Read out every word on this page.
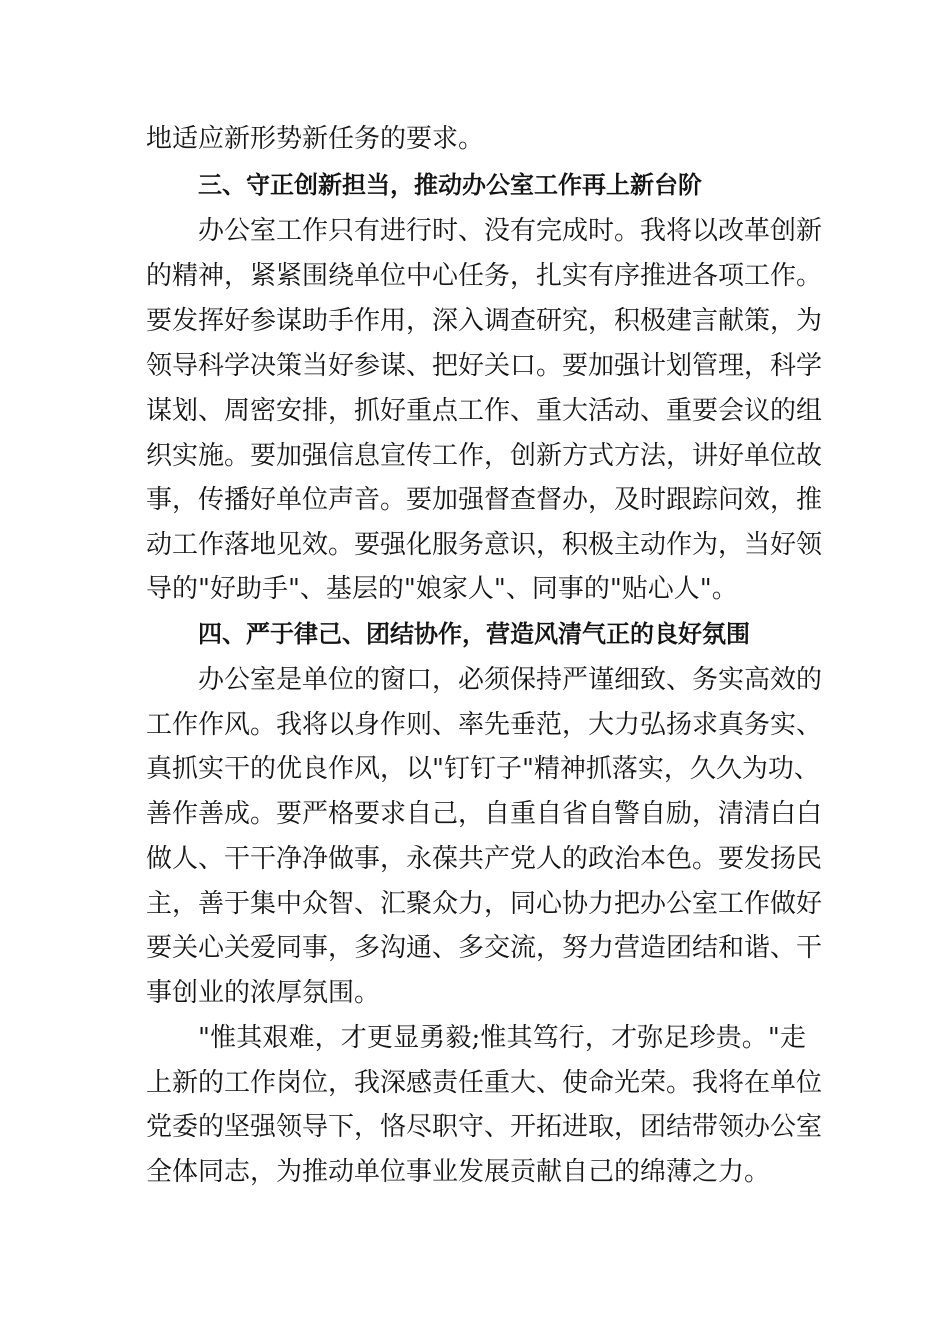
地适应新形势新任务的要求。
三、守正创新担当，推动办公室工作再上新台阶
办公室工作只有进行时、没有完成时。我将以改革创新
的精神，紧紧围绕单位中心任务，扎实有序推进各项工作。
要发挥好参谋助手作用，深入调查研究，积极建言献策，为
领导科学决策当好参谋、把好关口。要加强计划管理，科学
谋划、周密安排，抓好重点工作、重大活动、重要会议的组
织实施。要加强信息宣传工作，创新方式方法，讲好单位故
事，传播好单位声音。要加强督查督办，及时跟踪问效，推
动工作落地见效。要强化服务意识，积极主动作为，当好领
导的"好助手"、基层的"娘家人"、同事的"贴心人"。
四、严于律己、团结协作，营造风清气正的良好氛围
办公室是单位的窗口，必须保持严谨细致、务实高效的
工作作风。我将以身作则、率先垂范，大力弘扬求真务实、
真抓实干的优良作风，以"钉钉子"精神抓落实，久久为功、
善作善成。要严格要求自己，自重自省自警自励，清清白白
做人、干干净净做事，永葆共产党人的政治本色。要发扬民
主，善于集中众智、汇聚众力，同心协力把办公室工作做好
要关心关爱同事，多沟通、多交流，努力营造团结和谐、干
事创业的浓厚氛围。
"惟其艰难，才更显勇毅;惟其笃行，才弥足珍贵。"走
上新的工作岗位，我深感责任重大、使命光荣。我将在单位
党委的坚强领导下，恪尽职守、开拓进取，团结带领办公室
全体同志，为推动单位事业发展贡献自己的绵薄之力。
